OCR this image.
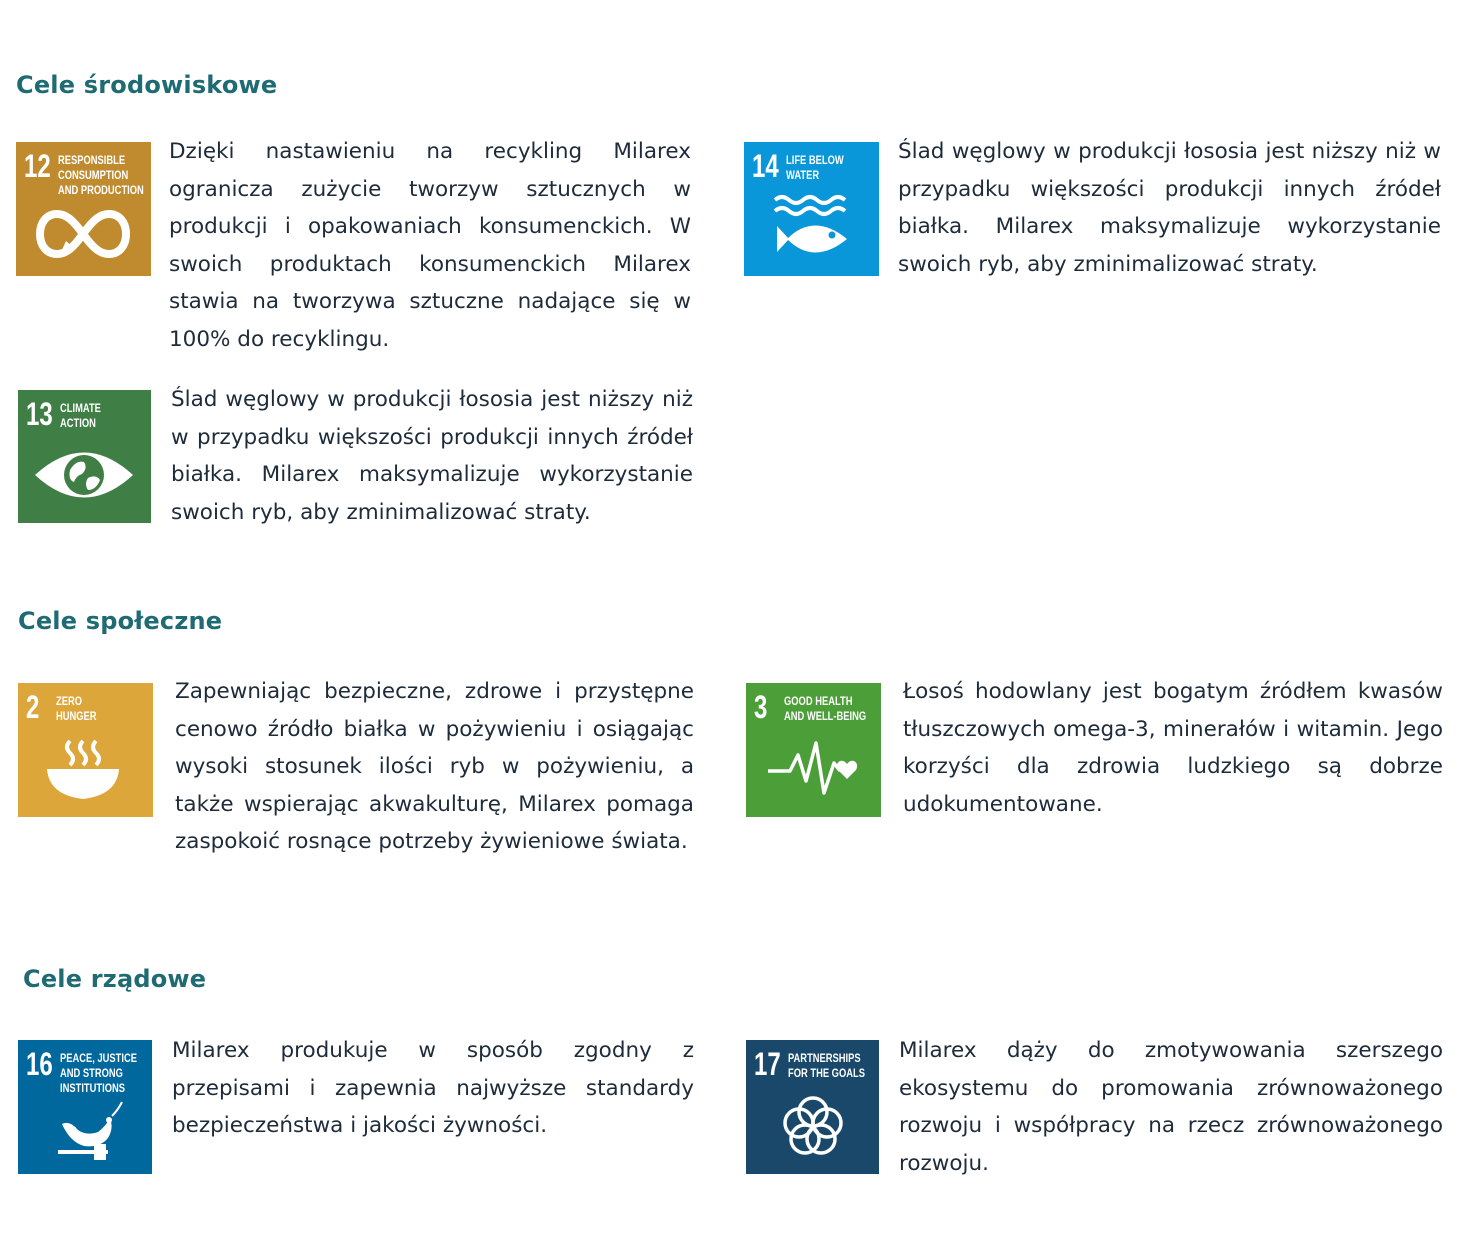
Cele środowiskowe
Cele społeczne
Cele rządowe
12 RESPONSIBLE
CONSUMPTION
AND PRODUCTION

Dzięki nastawieniu na recykling Milarex ogranicza zużycie tworzyw sztucznych w produkcji i opakowaniach konsumenckich. W swoich produktach konsumenckich Milarex stawia na tworzywa sztuczne nadające się w 100% do recyklingu.

13 CLIMATE
ACTION

Ślad węglowy w produkcji łososia jest niższy niż w przypadku większości produkcji innych źródeł białka. Milarex maksymalizuje wykorzystanie swoich ryb, aby zminimalizować straty.

14 LIFE BELOW
WATER

Ślad węglowy w produkcji łososia jest niższy niż w przypadku większości produkcji innych źródeł białka. Milarex maksymalizuje wykorzystanie swoich ryb, aby zminimalizować straty.

2 ZERO
HUNGER

Zapewniając bezpieczne, zdrowe i przystępne cenowo źródło białka w pożywieniu i osiągając wysoki stosunek ilości ryb w pożywieniu, a także wspierając akwakulturę, Milarex pomaga zaspokoić rosnące potrzeby żywieniowe świata.

3 GOOD HEALTH
AND WELL-BEING

Łosoś hodowlany jest bogatym źródłem kwasów tłuszczowych omega-3, minerałów i witamin. Jego korzyści dla zdrowia ludzkiego są dobrze udokumentowane.

16 PEACE, JUSTICE
AND STRONG
INSTITUTIONS

Milarex produkuje w sposób zgodny z przepisami i zapewnia najwyższe standardy bezpieczeństwa i jakości żywności.

17 PARTNERSHIPS
FOR THE GOALS

Milarex dąży do zmotywowania szerszego ekosystemu do promowania zrównoważonego rozwoju i współpracy na rzecz zrównoważonego rozwoju.
